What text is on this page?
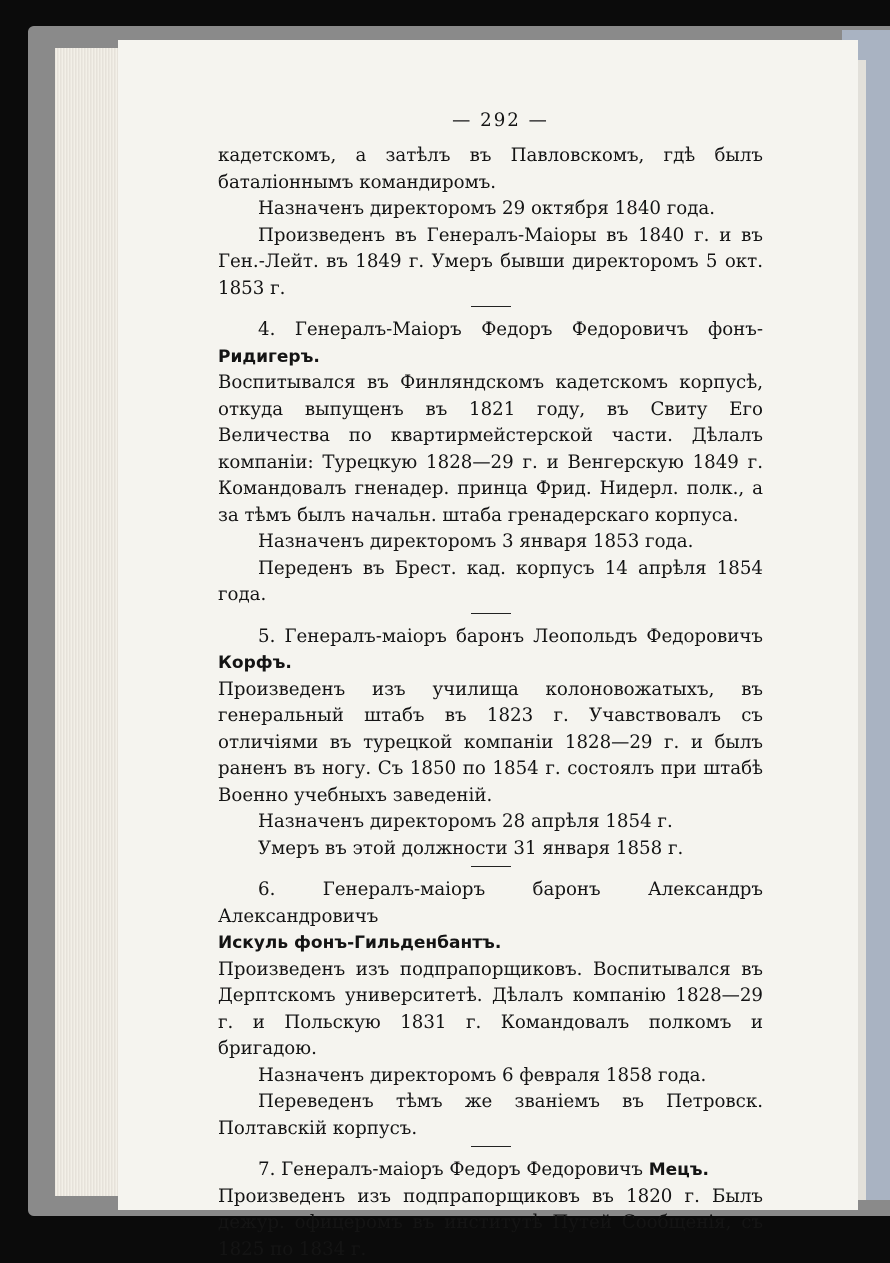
— 292 —

кадетскомъ, а затѣлъ въ Павловскомъ, гдѣ былъ баталіоннымъ командиромъ.

Назначенъ директоромъ 29 октября 1840 года.

Произведенъ въ Генералъ-Маіоры въ 1840 г. и въ Ген.-Лейт. въ 1849 г. Умеръ бывши директоромъ 5 окт. 1853 г.

4. Генералъ-Маіоръ Федоръ Федоровичъ фонъ-Ридигеръ.

Воспитывался въ Финляндскомъ кадетскомъ корпусѣ, откуда выпущенъ въ 1821 году, въ Свиту Его Величества по квартирмейстерской части. Дѣлалъ компаніи: Турецкую 1828—29 г. и Венгерскую 1849 г. Командовалъ гненадер. принца Фрид. Нидерл. полк., а за тѣмъ былъ начальн. штаба гренадерскаго корпуса.

Назначенъ директоромъ 3 января 1853 года.

Переденъ въ Брест. кад. корпусъ 14 апрѣля 1854 года.

5. Генералъ-маіоръ баронъ Леопольдъ Федоровичъ Корфъ.

Произведенъ изъ училища колоновожатыхъ, въ генеральный штабъ въ 1823 г. Учавствовалъ съ отличіями въ турецкой компаніи 1828—29 г. и былъ раненъ въ ногу. Съ 1850 по 1854 г. состоялъ при штабѣ Военно учебныхъ заведеній.

Назначенъ директоромъ 28 апрѣля 1854 г.

Умеръ въ этой должности 31 января 1858 г.

6. Генералъ-маіоръ баронъ Александръ Александровичъ

Искуль фонъ-Гильденбантъ.

Произведенъ изъ подпрапорщиковъ. Воспитывался въ Дерптскомъ университетѣ. Дѣлалъ компанію 1828—29 г. и Польскую 1831 г. Командовалъ полкомъ и бригадою.

Назначенъ директоромъ 6 февраля 1858 года.

Переведенъ тѣмъ же званіемъ въ Петровск. Полтавскій корпусъ.

7. Генералъ-маіоръ Федоръ Федоровичъ Мецъ.

Произведенъ изъ подпрапорщиковъ въ 1820 г. Былъ дежур. офицеромъ въ институтѣ Путей Сообщенія, съ 1825 по 1834 г.
